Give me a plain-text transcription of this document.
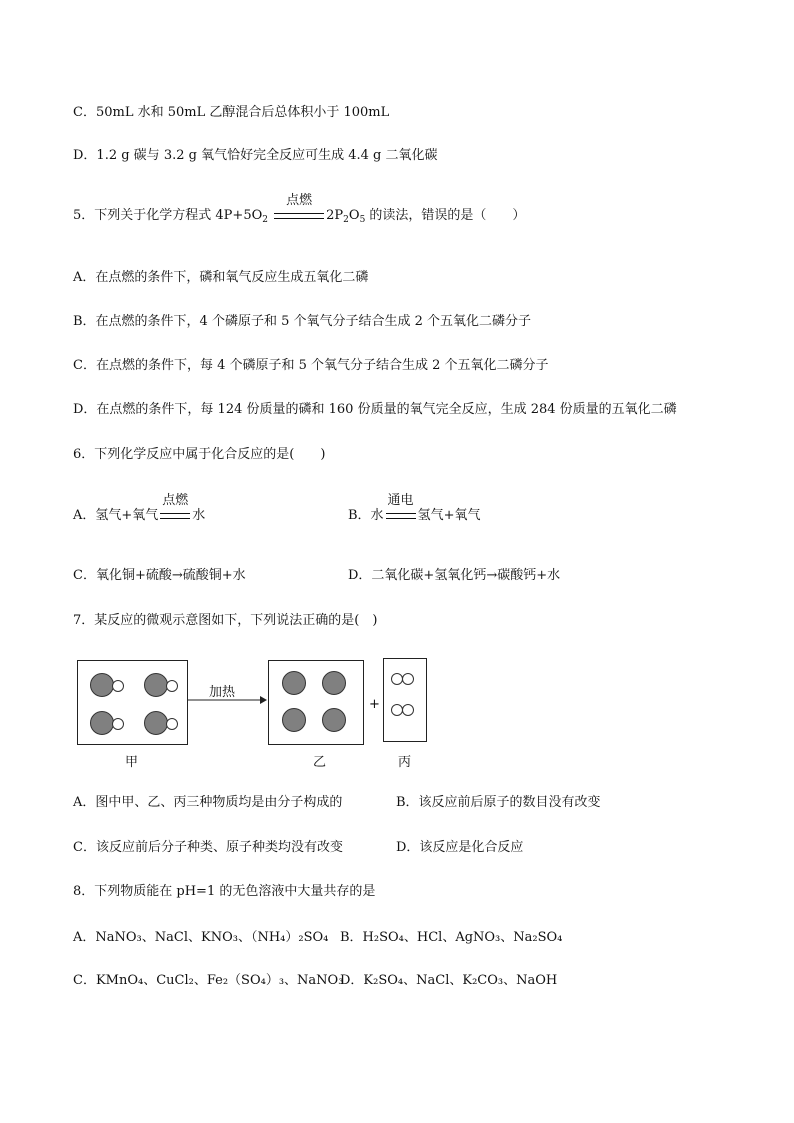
C．50mL 水和 50mL 乙醇混合后总体积小于 100mL
D．1.2 g 碳与 3.2 g 氧气恰好完全反应可生成 4.4 g 二氧化碳
5．下列关于化学方程式 $4P+5O_2$
点燃
$2P_2O_5$ 的读法，错误的是（　　）
A．在点燃的条件下，磷和氧气反应生成五氧化二磷
B．在点燃的条件下，4 个磷原子和 5 个氧气分子结合生成 2 个五氧化二磷分子
C．在点燃的条件下，每 4 个磷原子和 5 个氧气分子结合生成 2 个五氧化二磷分子
D．在点燃的条件下，每 124 份质量的磷和 160 份质量的氧气完全反应，生成 284 份质量的五氧化二磷
6．下列化学反应中属于化合反应的是(　　)
A．氢气+氧气
点燃
水	B．水
通电
氢气+氧气
C．氧化铜+硫酸→硫酸铜+水	D．二氧化碳+氢氧化钙→碳酸钙+水
7．某反应的微观示意图如下，下列说法正确的是(　)
加热
+
甲	乙	丙
A．图中甲、乙、丙三种物质均是由分子构成的	B．该反应前后原子的数目没有改变
C．该反应前后分子种类、原子种类均没有改变	D．该反应是化合反应
8．下列物质能在 pH=1 的无色溶液中大量共存的是
A．NaNO₃、NaCl、KNO₃、（NH₄）₂SO₄ B．H₂SO₄、HCl、AgNO₃、Na₂SO₄
C．KMnO₄、CuCl₂、Fe₂（SO₄）₃、NaNO₃
D．K₂SO₄、NaCl、K₂CO₃、NaOH
